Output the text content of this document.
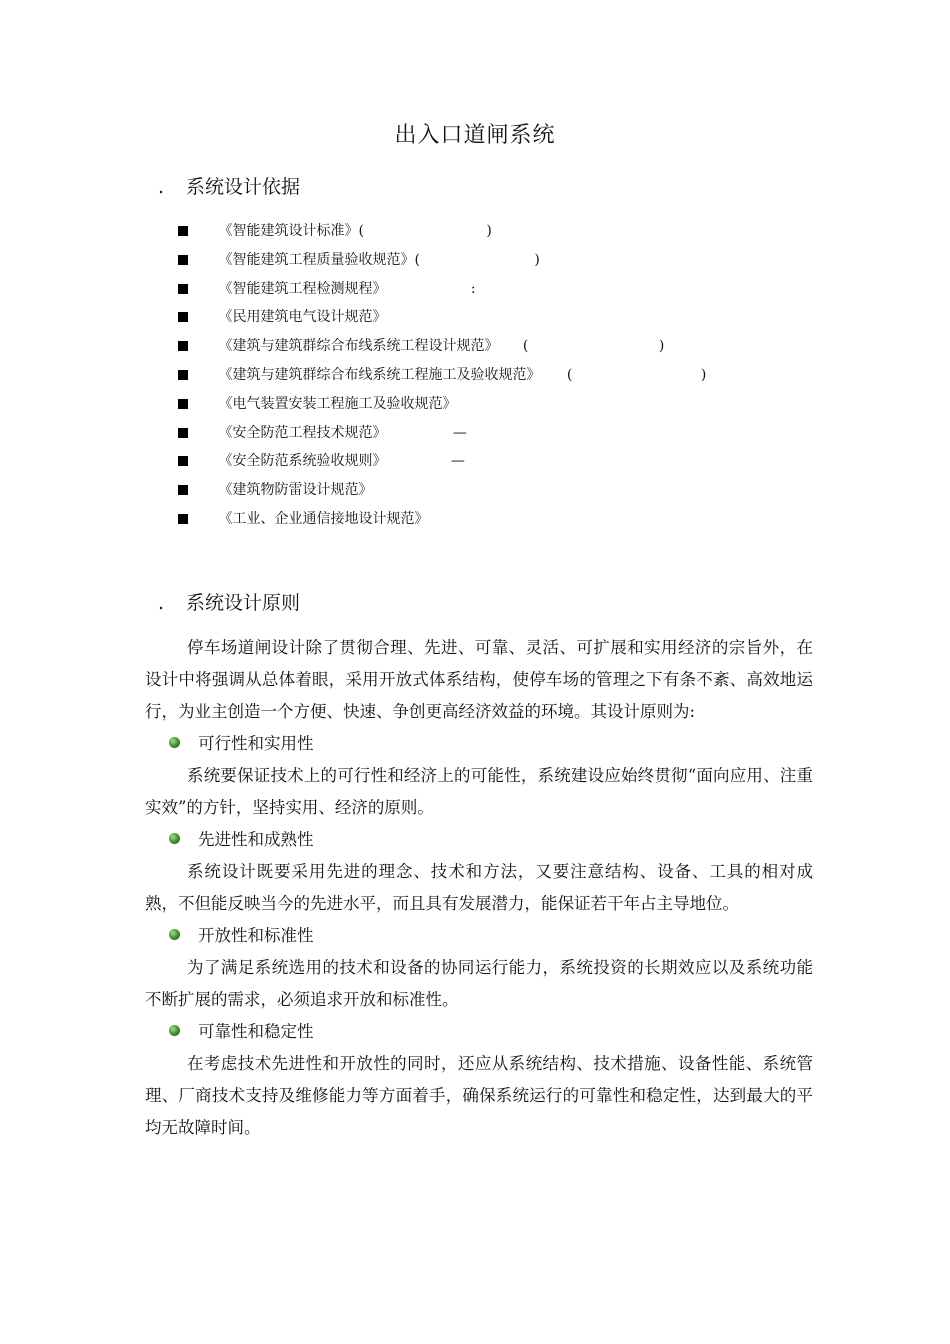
出入口道闸系统
. 系统设计依据
《智能建筑设计标准》(	)
《智能建筑工程质量验收规范》(	)
《智能建筑工程检测规程》	:
《民用建筑电气设计规范》
《建筑与建筑群综合布线系统工程设计规范》 (	)
《建筑与建筑群综合布线系统工程施工及验收规范》 (	)
《电气装置安装工程施工及验收规范》
《安全防范工程技术规范》	—
《安全防范系统验收规则》	—
《建筑物防雷设计规范》
《工业、企业通信接地设计规范》
. 系统设计原则

停车场道闸设计除了贯彻合理、先进、可靠、灵活、可扩展和实用经济的宗旨外，在设计中将强调从总体着眼，采用开放式体系结构，使停车场的管理之下有条不紊、高效地运行，为业主创造一个方便、快速、争创更高经济效益的环境。其设计原则为:

可行性和实用性

系统要保证技术上的可行性和经济上的可能性，系统建设应始终贯彻“面向应用、注重实效”的方针，坚持实用、经济的原则。

先进性和成熟性

系统设计既要采用先进的理念、技术和方法，又要注意结构、设备、工具的相对成熟，不但能反映当今的先进水平，而且具有发展潜力，能保证若干年占主导地位。

开放性和标准性

为了满足系统选用的技术和设备的协同运行能力，系统投资的长期效应以及系统功能不断扩展的需求，必须追求开放和标准性。

可靠性和稳定性

在考虑技术先进性和开放性的同时，还应从系统结构、技术措施、设备性能、系统管理、厂商技术支持及维修能力等方面着手，确保系统运行的可靠性和稳定性，达到最大的平均无故障时间。
